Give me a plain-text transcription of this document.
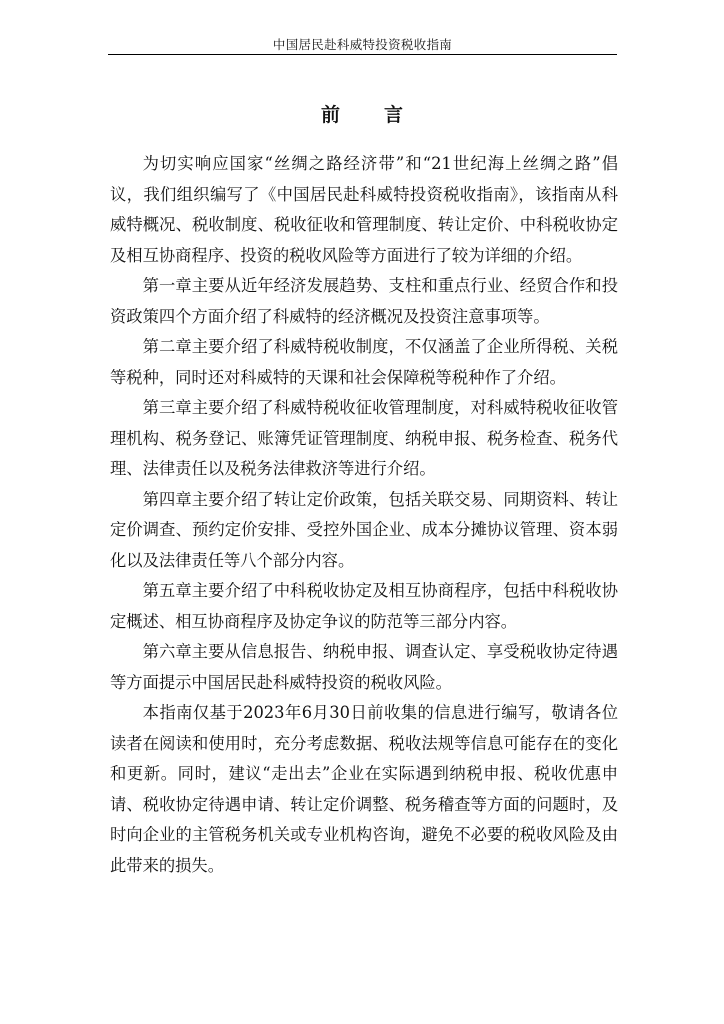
中国居民赴科威特投资税收指南
前 言

为切实响应国家“丝绸之路经济带”和“21世纪海上丝绸之路”倡议，我们组织编写了《中国居民赴科威特投资税收指南》，该指南从科威特概况、税收制度、税收征收和管理制度、转让定价、中科税收协定及相互协商程序、投资的税收风险等方面进行了较为详细的介绍。

第一章主要从近年经济发展趋势、支柱和重点行业、经贸合作和投资政策四个方面介绍了科威特的经济概况及投资注意事项等。

第二章主要介绍了科威特税收制度，不仅涵盖了企业所得税、关税等税种，同时还对科威特的天课和社会保障税等税种作了介绍。

第三章主要介绍了科威特税收征收管理制度，对科威特税收征收管理机构、税务登记、账簿凭证管理制度、纳税申报、税务检查、税务代理、法律责任以及税务法律救济等进行介绍。

第四章主要介绍了转让定价政策，包括关联交易、同期资料、转让定价调查、预约定价安排、受控外国企业、成本分摊协议管理、资本弱化以及法律责任等八个部分内容。

第五章主要介绍了中科税收协定及相互协商程序，包括中科税收协定概述、相互协商程序及协定争议的防范等三部分内容。

第六章主要从信息报告、纳税申报、调查认定、享受税收协定待遇等方面提示中国居民赴科威特投资的税收风险。

本指南仅基于2023年6月30日前收集的信息进行编写，敬请各位读者在阅读和使用时，充分考虑数据、税收法规等信息可能存在的变化和更新。同时，建议“走出去”企业在实际遇到纳税申报、税收优惠申请、税收协定待遇申请、转让定价调整、税务稽查等方面的问题时，及时向企业的主管税务机关或专业机构咨询，避免不必要的税收风险及由此带来的损失。
